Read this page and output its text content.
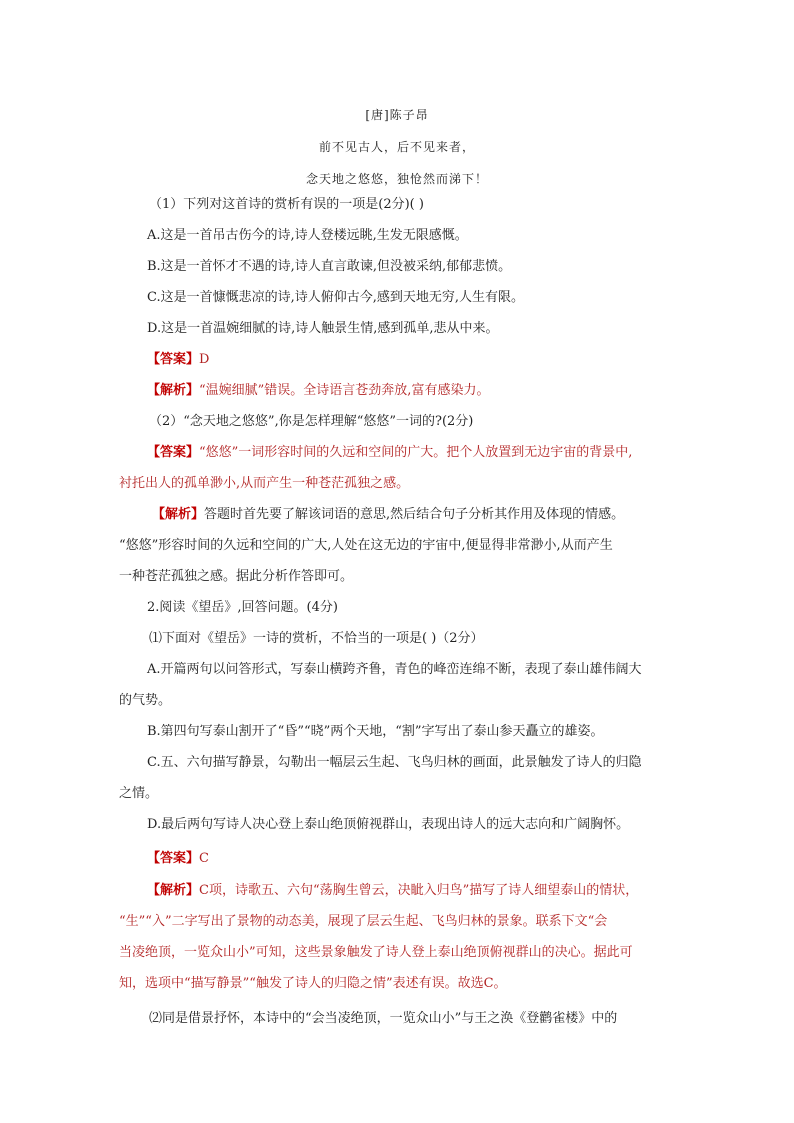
[唐]陈子昂
前不见古人，后不见来者，
念天地之悠悠，独怆然而涕下！

（1）下列对这首诗的赏析有误的一项是(2分)( )

A.这是一首吊古伤今的诗,诗人登楼远眺,生发无限感慨。

B.这是一首怀才不遇的诗,诗人直言敢谏,但没被采纳,郁郁悲愤。

C.这是一首慷慨悲凉的诗,诗人俯仰古今,感到天地无穷,人生有限。

D.这是一首温婉细腻的诗,诗人触景生情,感到孤单,悲从中来。

【答案】D

【解析】“温婉细腻”错误。全诗语言苍劲奔放,富有感染力。

（2）“念天地之悠悠”,你是怎样理解“悠悠”一词的?(2分)

【答案】“悠悠”一词形容时间的久远和空间的广大。把个人放置到无边宇宙的背景中,

衬托出人的孤单渺小,从而产生一种苍茫孤独之感。

【解析】答题时首先要了解该词语的意思,然后结合句子分析其作用及体现的情感。

“悠悠”形容时间的久远和空间的广大,人处在这无边的宇宙中,便显得非常渺小,从而产生

一种苍茫孤独之感。据此分析作答即可。

2.阅读《望岳》,回答问题。(4分)

⑴下面对《望岳》一诗的赏析，不恰当的一项是( )（2分）

A.开篇两句以问答形式，写泰山横跨齐鲁，青色的峰峦连绵不断，表现了泰山雄伟阔大

的气势。

B.第四句写泰山割开了“昏”“晓”两个天地，“割”字写出了泰山参天矗立的雄姿。

C.五、六句描写静景，勾勒出一幅层云生起、飞鸟归林的画面，此景触发了诗人的归隐

之情。

D.最后两句写诗人决心登上泰山绝顶俯视群山，表现出诗人的远大志向和广阔胸怀。

【答案】C

【解析】C项，诗歌五、六句“荡胸生曾云，决眦入归鸟”描写了诗人细望泰山的情状，

“生”“入”二字写出了景物的动态美，展现了层云生起、飞鸟归林的景象。联系下文“会

当凌绝顶，一览众山小”可知，这些景象触发了诗人登上泰山绝顶俯视群山的决心。据此可

知，选项中“描写静景”“触发了诗人的归隐之情”表述有误。故选C。

⑵同是借景抒怀，本诗中的“会当凌绝顶，一览众山小”与王之涣《登鹳雀楼》中的
